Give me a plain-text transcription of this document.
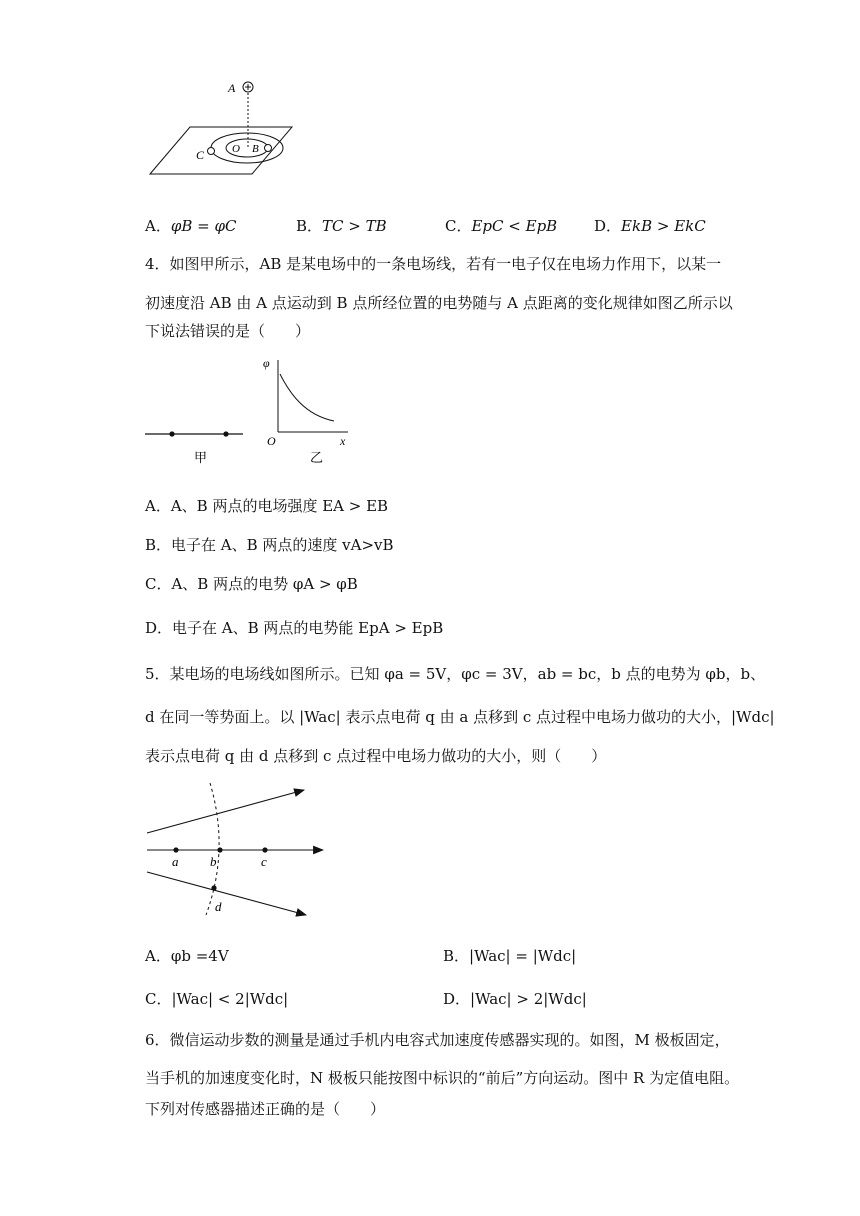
A
C	O B
A．φB = φC	B．TC > TB	C．EpC < EpB D．EkB > EkC
4．如图甲所示，AB 是某电场中的一条电场线，若有一电子仅在电场力作用下，以某一
初速度沿 AB 由 A 点运动到 B 点所经位置的电势随与 A 点距离的变化规律如图乙所示以
下说法错误的是（　　）
甲
φ
x
O
乙
A．A、B 两点的电场强度 EA > EB
B．电子在 A、B 两点的速度 vA>vB
C．A、B 两点的电势 φA > φB
D．电子在 A、B 两点的电势能 EpA > EpB
5．某电场的电场线如图所示。已知 φa = 5V，φc = 3V，ab = bc，b 点的电势为 φb，b、
d 在同一等势面上。以 |Wac| 表示点电荷 q 由 a 点移到 c 点过程中电场力做功的大小，|Wdc|
表示点电荷 q 由 d 点移到 c 点过程中电场力做功的大小，则（　　）
a b	c
d
A．φb =4V	B．|Wac| = |Wdc|
C．|Wac| < 2|Wdc|	D．|Wac| > 2|Wdc|
6．微信运动步数的测量是通过手机内电容式加速度传感器实现的。如图，M 极板固定，
当手机的加速度变化时，N 极板只能按图中标识的“前后”方向运动。图中 R 为定值电阻。
下列对传感器描述正确的是（　　）
